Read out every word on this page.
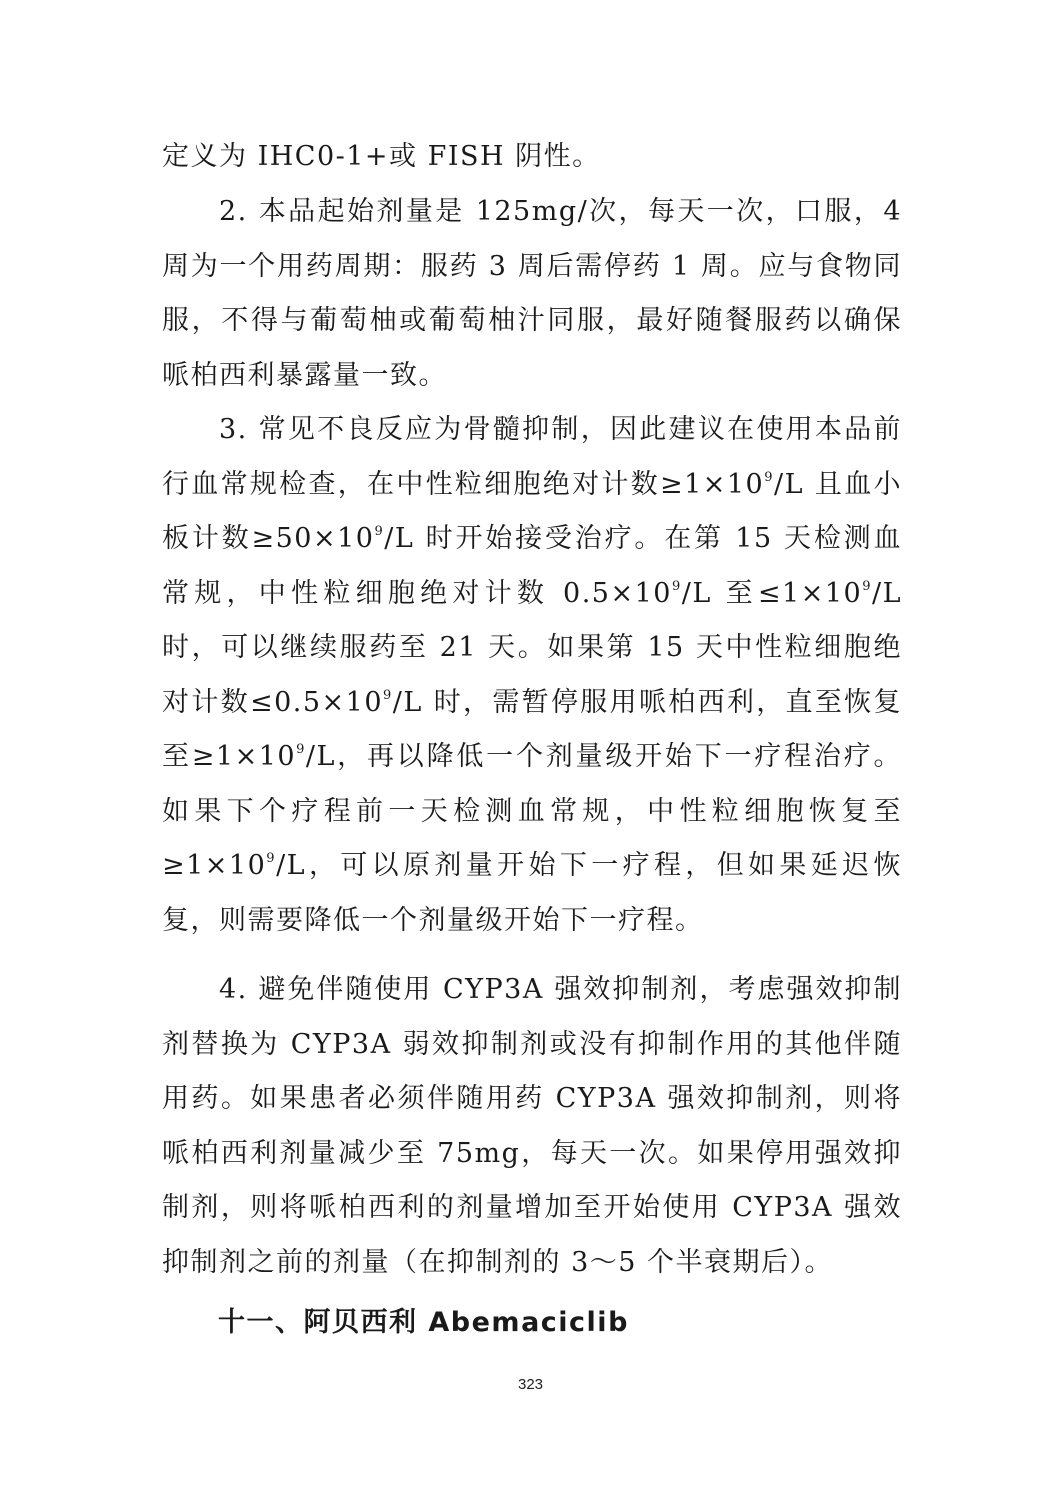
定义为 IHC0-1+或 FISH 阴性。
2. 本品起始剂量是 125mg/次，每天一次，口服，4 周为一个用药周期：服药 3 周后需停药 1 周。应与食物同服，不得与葡萄柚或葡萄柚汁同服，最好随餐服药以确保哌柏西利暴露量一致。
3. 常见不良反应为骨髓抑制，因此建议在使用本品前行血常规检查，在中性粒细胞绝对计数$\ge 1\times 10^9/L$ 且血小板计数$\ge 50\times 10^9/L$ 时开始接受治疗。在第 15 天检测血常规，中性粒细胞绝对计数 $0.5\times 10^9/L$ 至$\le 1\times 10^9/L$ 时，可以继续服药至 21 天。如果第 15 天中性粒细胞绝对计数$\le 0.5\times 10^9/L$ 时，需暂停服用哌柏西利，直至恢复至$\ge 1\times 10^9/L$，再以降低一个剂量级开始下一疗程治疗。如果下个疗程前一天检测血常规，中性粒细胞恢复至$\ge 1\times 10^9/L$，可以原剂量开始下一疗程，但如果延迟恢复，则需要降低一个剂量级开始下一疗程。
4. 避免伴随使用 CYP3A 强效抑制剂，考虑强效抑制剂替换为 CYP3A 弱效抑制剂或没有抑制作用的其他伴随用药。如果患者必须伴随用药 CYP3A 强效抑制剂，则将哌柏西利剂量减少至 75mg，每天一次。如果停用强效抑制剂，则将哌柏西利的剂量增加至开始使用 CYP3A 强效抑制剂之前的剂量（在抑制剂的 3～5 个半衰期后）。
十一、阿贝西利 Abemaciclib
323
